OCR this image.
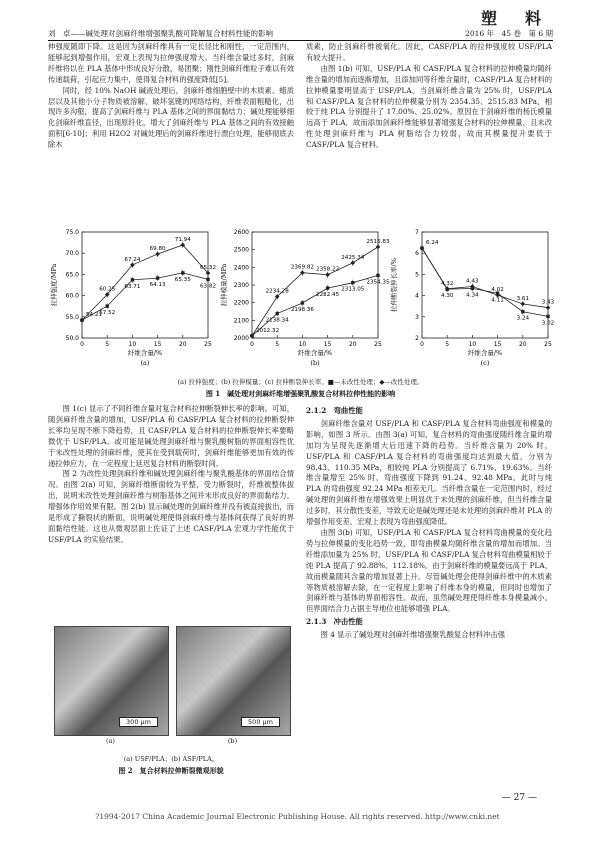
塑　料
2016 年　45 卷　第 6 期
刘　卓——碱处理对剑麻纤维增强聚乳酸可降解复合材料性能的影响

伸强度随即下降。这是因为剑麻纤维具有一定长径比和刚性，一定范围内，能够起到增强作用，宏观上表现为拉伸强度增大。当纤维含量过多时，剑麻纤维将以在 PLA 基体中形成良好分散，易团聚；刚性剑麻纤维粒子难以有效传递载荷，引起应力集中，使得复合材料的强度降低[5]。

同时，经 10% NaOH 碱液处理后，剑麻纤维细胞壁中的木质素、蜡质层以及其他小分子物质被溶解，破坏氢键的网络结构，纤维表面粗糙化，出现许多沟壑，提高了剑麻纤维与 PLA 基体之间的界面黏结力；碱处理能够细化剑麻纤维直径，出现原纤化，增大了剑麻纤维与 PLA 基体之间的有效接触面积[6-10]；利用 H2O2 对碱处理后的剑麻纤维进行漂白处理，能够彻底去除木

质素，防止剑麻纤维被氧化。因此，CASF/PLA 的拉伸强度较 USF/PLA 有较大提升。

由图 1(b) 可知，USF/PLA 和 CASF/PLA 复合材料的拉伸模量均随纤维含量的增加而逐渐增加，且添加同等纤维含量时，CASF/PLA 复合材料的拉伸模量要明显高于 USF/PLA。当剑麻纤维含量为 25% 时，USF/PLA 和 CASF/PLA 复合材料的拉伸模量分别为 2354.35、2515.83 MPa，相较于纯 PLA 分别提升了 17.00%、25.02%。原因在于剑麻纤维的杨氏模量远高于 PLA，故而添加剑麻纤维能够显著增强复合材料的拉伸模量，且未改性处理剑麻纤维与 PLA 树脂结合力较弱，故而其模量提升要低于 CASF/PLA 复合材料。

50.0
55.0
60.0
65.0
70.0
75.0
0	5	10	15	20	25
纤维含量/%
拉伸强度/MPa
(a)
54.21
60.25
67.24
69.80
71.94
65.32
57.52
63.71 64.13
65.35
63.82
2000
2100
2200
2300
2400
2500
2600
0	5	10	15	20	25
纤维含量/%
拉伸模量/MPa
(b)
2012.32
2234.28
2369.82 2358.22
2425.34
2515.83
2138.34
2198.36
2282.45
2313.05
2354.35
2
3
4
5
6
7
0	5	10	15	20	25
纤维含量/%
拉伸断裂伸长率/%
(c)
6.24
4.32 4.43
4.02
3.61
3.43
4.30 4.34
4.11
3.24
3.02
(a) 拉伸强度；(b) 拉伸模量；(c) 拉伸断裂伸长率。■—未改性处理；◆—改性处理。
图 1　碱处理对剑麻纤维增强聚乳酸复合材料拉伸性能的影响

图 1(c) 显示了不同纤维含量对复合材料拉伸断裂伸长率的影响。可知，随剑麻纤维含量的增加，USF/PLA 和 CASF/PLA 复合材料的拉伸断裂伸长率均呈现不断下降趋势，且 CASF/PLA 复合材料的拉伸断裂伸长率要略微优于 USF/PLA。或可能是碱处理剑麻纤维与聚乳酸树脂的界面相容性优于未改性处理的剑麻纤维，使其在受到载荷时，剑麻纤维能够更加有效的传递拉伸应力，在一定程度上延迟复合材料的断裂时间。

图 2 为改性处理剑麻纤维和碱处理剑麻纤维与聚乳酸基体的界面结合情况。由图 2(a) 可知，剑麻纤维断面较为平整，受力断裂时，纤维被整体拔出，说明未改性处理剑麻纤维与树脂基体之间并未形成良好的界面黏结力，增强体作用效果有限。图 2(b) 显示碱处理的剑麻纤维并没有被直接拔出，而是形成了撕裂状的断面，说明碱处理使得剑麻纤维与基体间获得了良好的界面黏结性能。这也从微观层面上佐证了上述 CASF/PLA 宏观力学性能优于 USF/PLA 的实验结果。

300 μm	500 μm
(a)	(b)
(a) USF/PLA；(b) ASF/PLA。
图 2　复合材料拉伸断裂微观形貌

2.1.2　弯曲性能

剑麻纤维含量对 USF/PLA 和 CASF/PLA 复合材料弯曲强度和模量的影响，如图 3 所示。由图 3(a) 可知，复合材料的弯曲强度随纤维含量的增加均为呈现先逐渐增大后迅速下降的趋势。当纤维含量为 20% 时，USF/PLA 和 CASF/PLA 复合材料的弯曲强度均达到最大值，分别为 98.43、110.35 MPa，相较纯 PLA 分别提高了 6.71%、19.63%。当纤维含量增至 25% 时，弯曲强度下降到 91.24、92.48 MPa，此时与纯 PLA 的弯曲强度 92.24 MPa 相差无几。当纤维含量在一定范围内时，经过碱处理的剑麻纤维在增强效果上明显优于未处理的剑麻纤维，但当纤维含量过多时，其分散性变差，导致无论是碱处理还是未处理的剑麻纤维对 PLA 的增强作用变差，宏观上表现为弯曲强度降低。

由图 3(b) 可知，USF/PLA 和 CASF/PLA 复合材料弯曲模量的变化趋势与拉伸模量的变化趋势一致，即弯曲模量均随纤维含量的增加而增加。当纤维添加量为 25% 时，USF/PLA 和 CASF/PLA 复合材料弯曲模量相较于纯 PLA 提高了 92.88%、112.18%。由于剑麻纤维的模量要远高于 PLA，故而模量随其含量的增加显著上升。尽管碱处理会使得剑麻纤维中的木质素等物质被溶解去除，在一定程度上影响了纤维本身的模量，但同时也增加了剑麻纤维与基体的界面相容性。故而，虽然碱处理使得纤维本身模量减小，但界面结合力占据主导地位也能够增强 PLA。

2.1.3　冲击性能

图 4 显示了碱处理对剑麻纤维增强聚乳酸复合材料冲击强

— 27 —
?1994-2017 China Academic Journal Electronic Publishing House. All rights reserved. http://www.cnki.net
